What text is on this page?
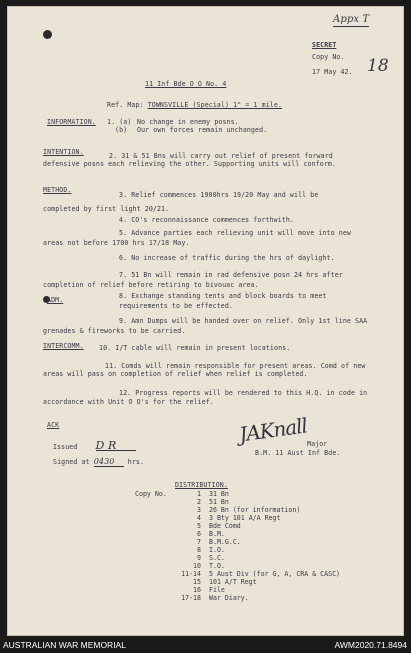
Appx T
SECRET
Copy No.
17 May 42. 18
11 Inf Bde O O No. 4
Ref. Map: TOWNSVILLE (Special) 1" = 1 mile.
INFORMATION. 1. (a) No change in enemy posns.
(b) Our own forces remain unchanged.
INTENTION.	2. 31 & 51 Bns will carry out relief of present forward defensive posns each relieving the other. Supporting units will conform.
METHOD.
3. Relief commences 1900hrs 19/20 May and will be completed by first light 20/21.
4. CO's reconnaissance commences forthwith.
5. Advance parties each relieving unit will move into new areas not before 1700 hrs 17/18 May.
6. No increase of traffic during the hrs of daylight.
7. 51 Bn will remain in rad defensive posn 24 hrs after completion of relief before retiring to bivouac area.
ADM.	8. Exchange standing tents and block boards to meet requirements to be effected.
9. Amn Dumps will be handed over on relief. Only 1st line SAA grenades & fireworks to be carried.
INTERCOMM. 10. I/T cable will remain in present locations.
11. Comds will remain responsible for present areas. Comd of new areas will pass on completion of relief when relief is completed.
12. Progress reports will be rendered to this H.Q. in code in accordance with Unit O O's for the relief.
ACK
Issued D R
Signed at 0430 hrs.
JAKnall
Major
B.M. 11 Aust Inf Bde.
DISTRIBUTION.
Copy No.	1 31 Bn
2 51 Bn
3 26 Bn (for information)
4 3 Bty 101 A/A Regt
5 Bde Comd
6 B.M.
7 B.M.G.C.
8 I.O.
9 S.C.
10 T.O.
11-14 5 Aust Div (for G, A, CRA & CASC)
15 101 A/T Regt
16 File
17-18 War Diary.
AUSTRALIAN WAR MEMORIAL	AWM2020.71.8494
